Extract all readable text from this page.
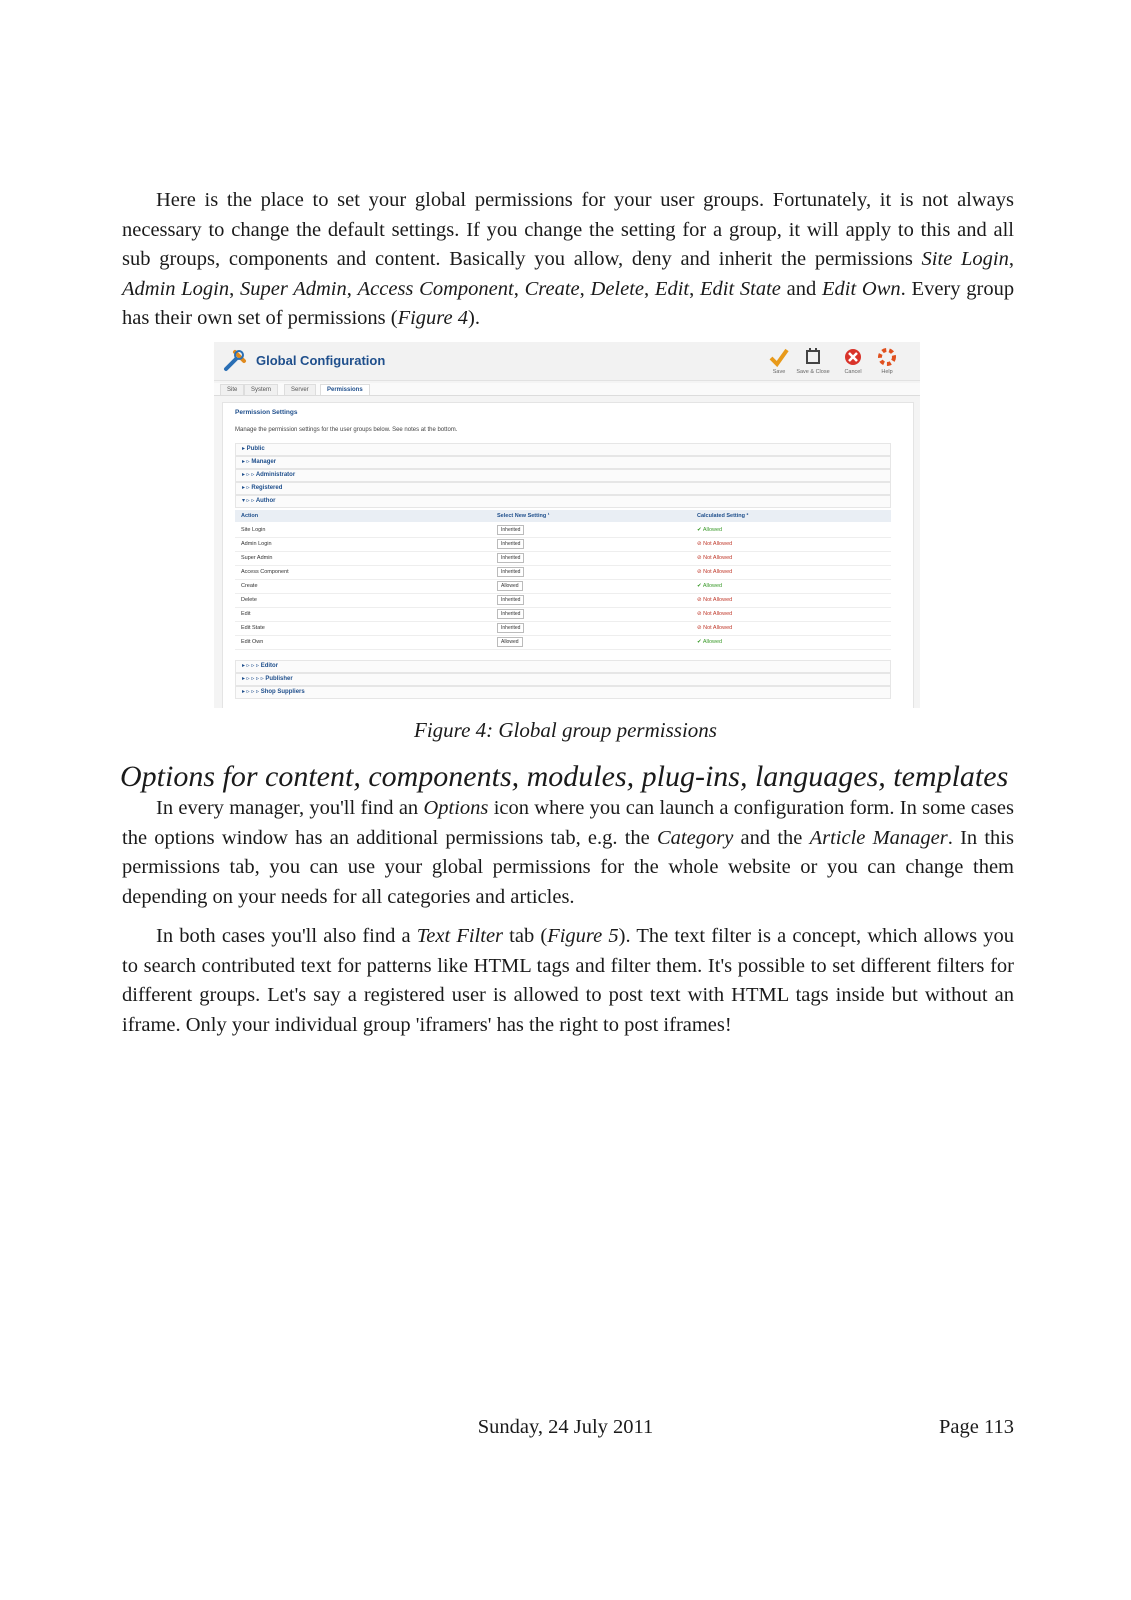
Here is the place to set your global permissions for your user groups. Fortunately, it is not always necessary to change the default settings. If you change the setting for a group, it will apply to this and all sub groups, components and content. Basically you allow, deny and inherit the permissions Site Login, Admin Login, Super Admin, Access Component, Create, Delete, Edit, Edit State and Edit Own. Every group has their own set of permissions (Figure 4).

Global Configuration
Save	Save & Close	Cancel	Help
Site	System	Server	Permissions
Permission Settings
Manage the permission settings for the user groups below. See notes at the bottom.
▸ Public
▸ ▹ Manager
▸ ▹ ▹ Administrator
▸ ▹ Registered
▾ ▹ ▹ Author
Action	Select New Setting ¹	Calculated Setting ²
Site Login	Inherited	✔ Allowed
Admin Login	Inherited	⊘ Not Allowed
Super Admin	Inherited	⊘ Not Allowed
Access Component	Inherited	⊘ Not Allowed
Create	Allowed	✔ Allowed
Delete	Inherited	⊘ Not Allowed
Edit	Inherited	⊘ Not Allowed
Edit State	Inherited	⊘ Not Allowed
Edit Own	Allowed	✔ Allowed
▸ ▹ ▹ ▹ Editor
▸ ▹ ▹ ▹ ▹ Publisher
▸ ▹ ▹ ▹ Shop Suppliers

Figure 4: Global group permissions

Options for content, components, modules, plug-ins, languages, templates

In every manager, you'll find an Options icon where you can launch a configuration form. In some cases the options window has an additional permissions tab, e.g. the Category and the Article Manager. In this permissions tab, you can use your global permissions for the whole website or you can change them depending on your needs for all categories and articles.

In both cases you'll also find a Text Filter tab (Figure 5). The text filter is a concept, which allows you to search contributed text for patterns like HTML tags and filter them. It's possible to set different filters for different groups. Let's say a registered user is allowed to post text with HTML tags inside but without an iframe. Only your individual group 'iframers' has the right to post iframes!

Sunday, 24 July 2011	Page 113
